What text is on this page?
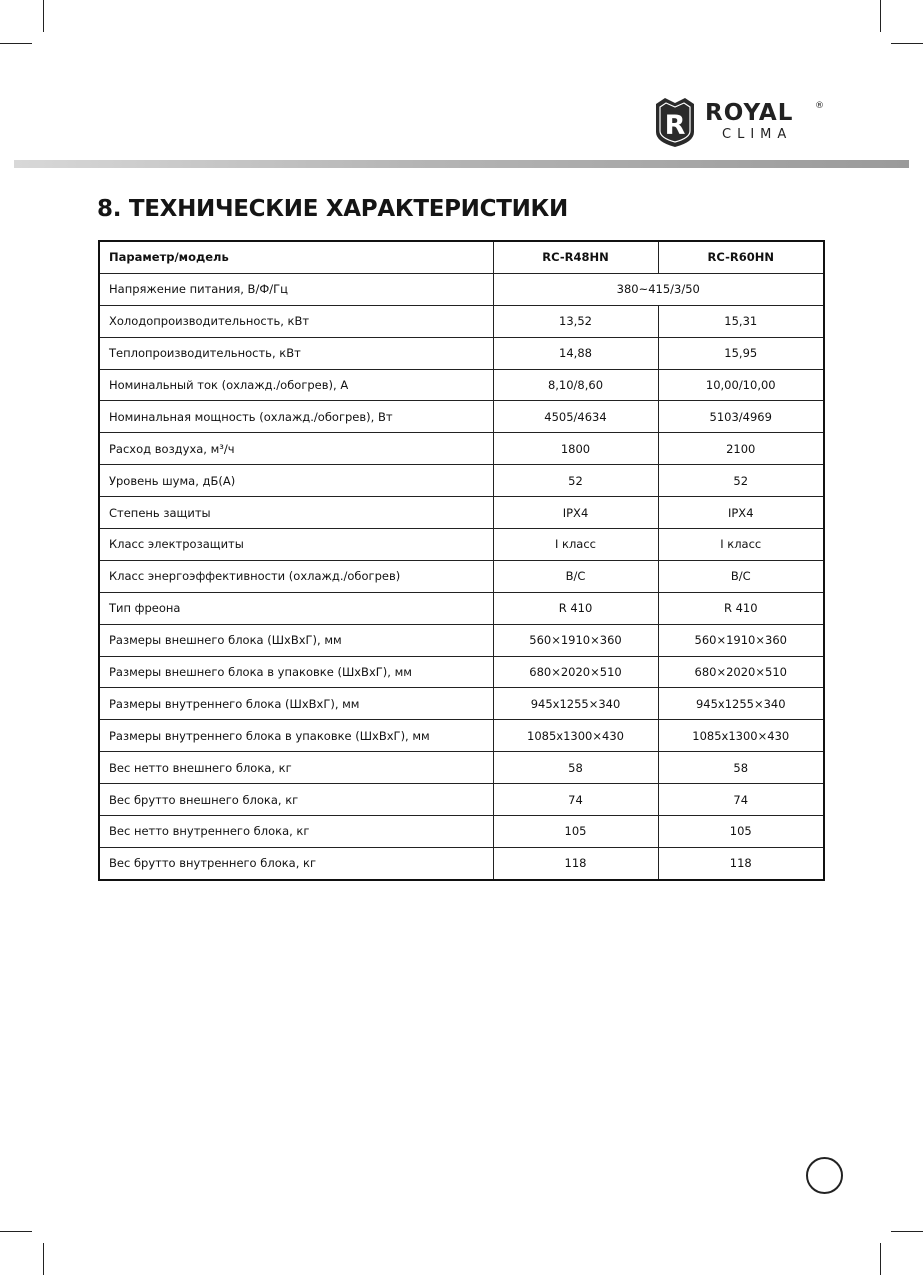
R ROYAL ®
CLIMA
8. ТЕХНИЧЕСКИЕ ХАРАКТЕРИСТИКИ
Параметр/модель	RC-R48HN	RC-R60HN
Напряжение питания, В/Ф/Гц	380~415/3/50	
Холодопроизводительность, кВт	13,52	15,31
Теплопроизводительность, кВт	14,88	15,95
Номинальный ток (охлажд./обогрев), А	8,10/8,60	10,00/10,00
Номинальная мощность (охлажд./обогрев), Вт	4505/4634	5103/4969
Расход воздуха, м³/ч	1800	2100
Уровень шума, дБ(А)	52	52
Степень защиты	IPX4	IPX4
Класс электрозащиты	I класс	I класс
Класс энергоэффективности (охлажд./обогрев)	B/C	B/C
Тип фреона	R 410	R 410
Размеры внешнего блока (ШхВхГ), мм	560×1910×360	560×1910×360
Размеры внешнего блока в упаковке (ШхВхГ), мм	680×2020×510	680×2020×510
Размеры внутреннего блока (ШхВхГ), мм	945x1255×340	945x1255×340
Размеры внутреннего блока в упаковке (ШхВхГ), мм	1085x1300×430	1085x1300×430
Вес нетто внешнего блока, кг	58	58
Вес брутто внешнего блока, кг	74	74
Вес нетто внутреннего блока, кг	105	105
Вес брутто внутреннего блока, кг	118	118
